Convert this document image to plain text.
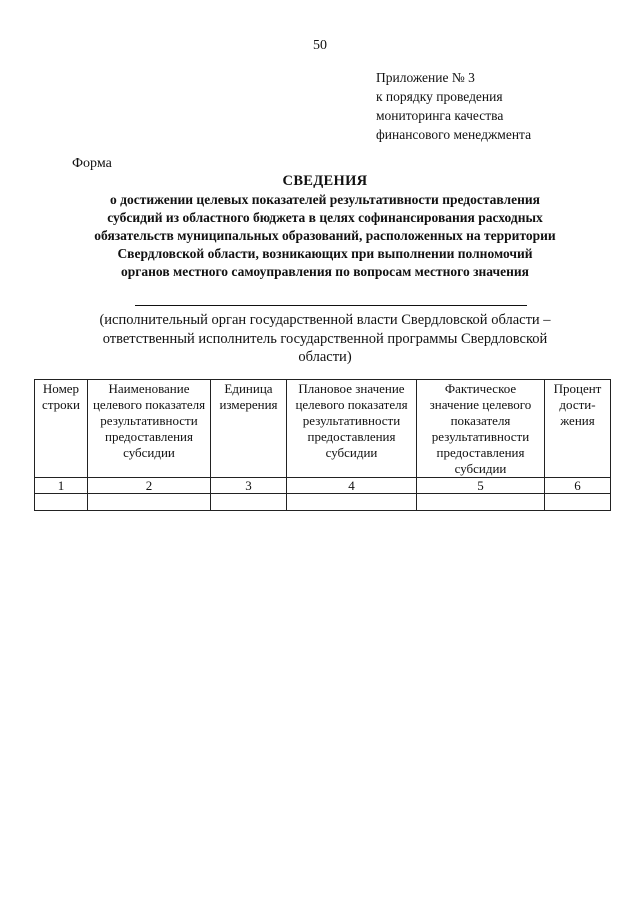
50
Приложение № 3
к порядку проведения
мониторинга качества
финансового менеджмента
Форма
СВЕДЕНИЯ
о достижении целевых показателей результативности предоставления
субсидий из областного бюджета в целях софинансирования расходных
обязательств муниципальных образований, расположенных на территории
Свердловской области, возникающих при выполнении полномочий
органов местного самоуправления по вопросам местного значения
(исполнительный орган государственной власти Свердловской области –
ответственный исполнитель государственной программы Свердловской
области)
Номер строки	Наименование целевого показателя результативности предоставления субсидии	Единица измерения	Плановое значение целевого показателя результативности предоставления субсидии	Фактическое значение целевого показателя результативности предоставления субсидии	Процент дости- жения
1	2	3	4	5	6
